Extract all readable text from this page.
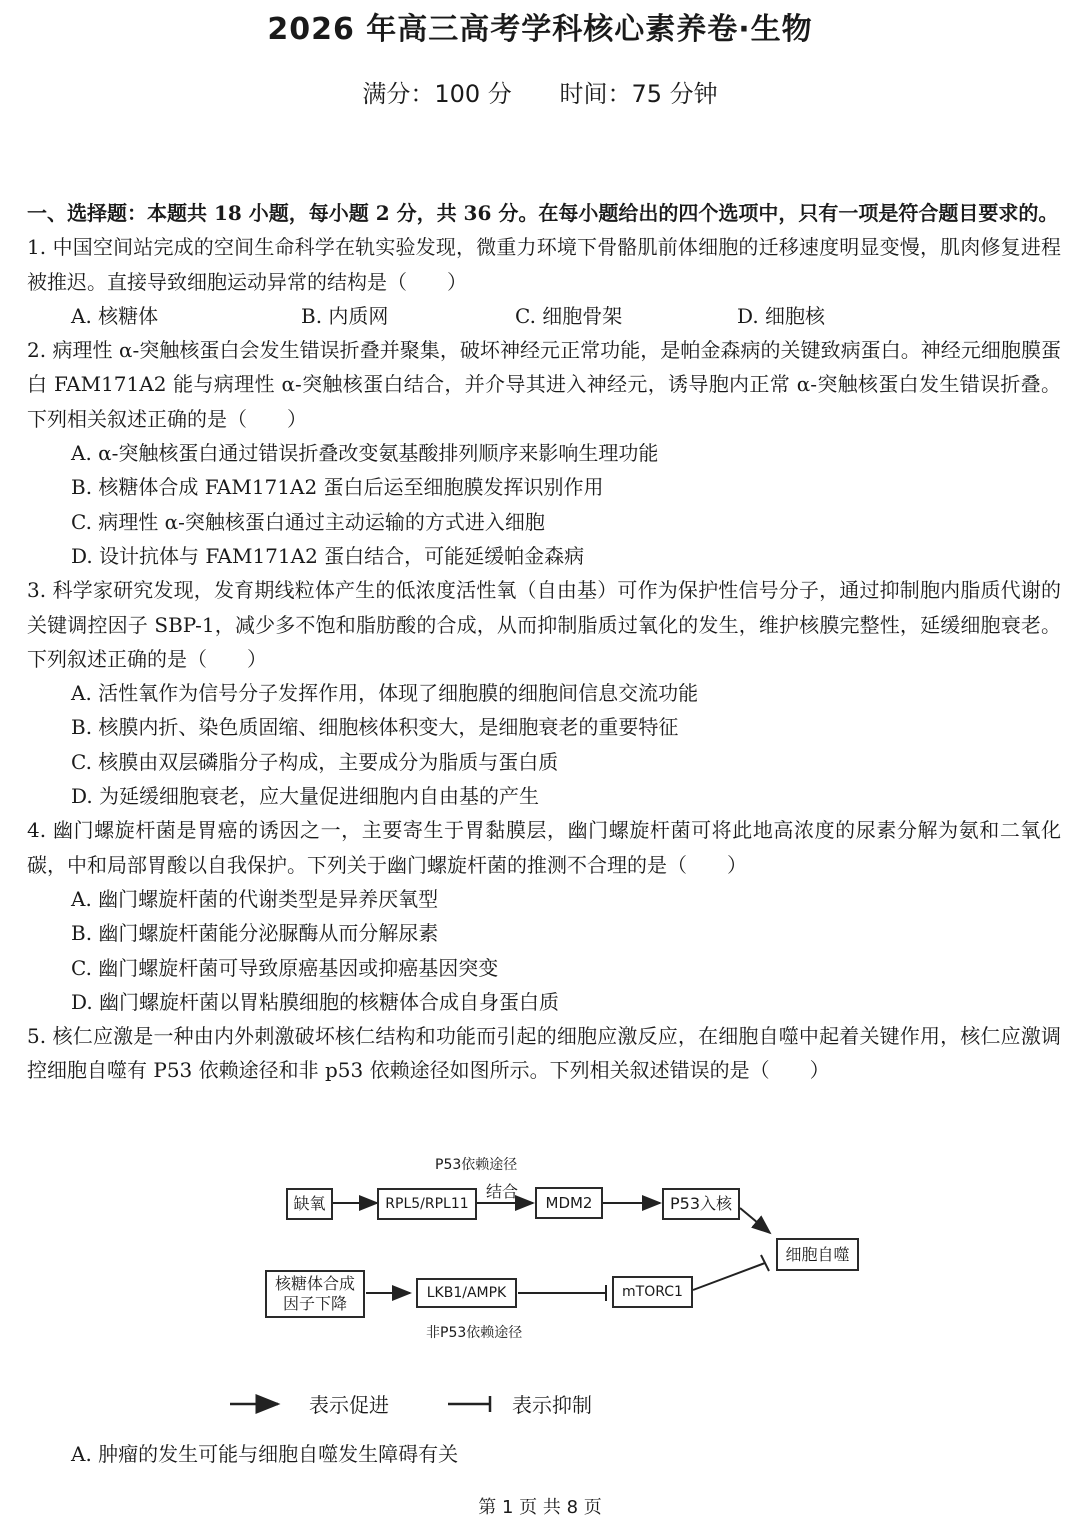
2026 年高三高考学科核心素养卷·生物
满分：100 分 时间：75 分钟

一、选择题：本题共 18 小题，每小题 2 分，共 36 分。在每小题给出的四个选项中，只有一项是符合题目要求的。

1. 中国空间站完成的空间生命科学在轨实验发现，微重力环境下骨骼肌前体细胞的迁移速度明显变慢，肌肉修复进程被推迟。直接导致细胞运动异常的结构是（　　）

A. 核糖体	B. 内质网	C. 细胞骨架	D. 细胞核

2. 病理性 α-突触核蛋白会发生错误折叠并聚集，破坏神经元正常功能，是帕金森病的关键致病蛋白。神经元细胞膜蛋白 FAM171A2 能与病理性 α-突触核蛋白结合，并介导其进入神经元，诱导胞内正常 α-突触核蛋白发生错误折叠。下列相关叙述正确的是（　　）

A. α-突触核蛋白通过错误折叠改变氨基酸排列顺序来影响生理功能

B. 核糖体合成 FAM171A2 蛋白后运至细胞膜发挥识别作用

C. 病理性 α-突触核蛋白通过主动运输的方式进入细胞

D. 设计抗体与 FAM171A2 蛋白结合，可能延缓帕金森病

3. 科学家研究发现，发育期线粒体产生的低浓度活性氧（自由基）可作为保护性信号分子，通过抑制胞内脂质代谢的关键调控因子 SBP-1，减少多不饱和脂肪酸的合成，从而抑制脂质过氧化的发生，维护核膜完整性，延缓细胞衰老。下列叙述正确的是（　　）

A. 活性氧作为信号分子发挥作用，体现了细胞膜的细胞间信息交流功能

B. 核膜内折、染色质固缩、细胞核体积变大，是细胞衰老的重要特征

C. 核膜由双层磷脂分子构成，主要成分为脂质与蛋白质

D. 为延缓细胞衰老，应大量促进细胞内自由基的产生

4. 幽门螺旋杆菌是胃癌的诱因之一，主要寄生于胃黏膜层，幽门螺旋杆菌可将此地高浓度的尿素分解为氨和二氧化碳，中和局部胃酸以自我保护。下列关于幽门螺旋杆菌的推测不合理的是（　　）

A. 幽门螺旋杆菌的代谢类型是异养厌氧型

B. 幽门螺旋杆菌能分泌脲酶从而分解尿素

C. 幽门螺旋杆菌可导致原癌基因或抑癌基因突变

D. 幽门螺旋杆菌以胃粘膜细胞的核糖体合成自身蛋白质

5. 核仁应激是一种由内外刺激破坏核仁结构和功能而引起的细胞应激反应，在细胞自噬中起着关键作用，核仁应激调控细胞自噬有 P53 依赖途径和非 p53 依赖途径如图所示。下列相关叙述错误的是（　　）

P53依赖途径
结合
缺氧	RPL5/RPL11	MDM2	P53入核
细胞自噬
核糖体合成
因子下降
LKB1/AMPK	mTORC1
非P53依赖途径
表示促进	表示抑制
A. 肿瘤的发生可能与细胞自噬发生障碍有关
第 1 页 共 8 页
